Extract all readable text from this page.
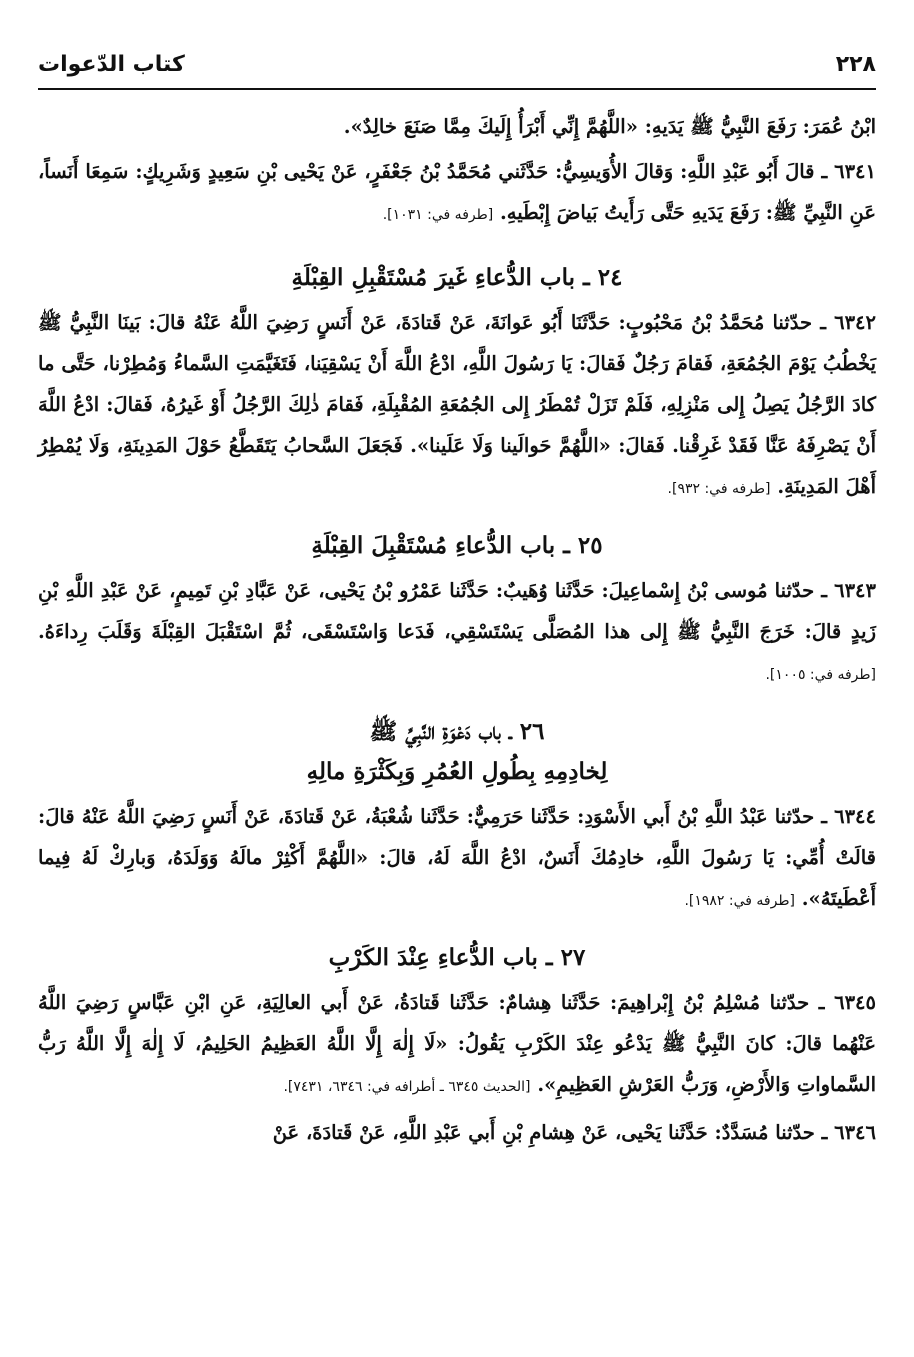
٢٢٨
كتاب الدّعوات

ابْنُ عُمَرَ: رَفَعَ النَّبِيُّ ﷺ يَدَيهِ: «اللَّهُمَّ إِنِّي أَبْرَأُ إِلَيكَ مِمَّا صَنَعَ خالِدٌ».

٦٣٤١ ـ قالَ أَبُو عَبْدِ اللَّهِ: وَقالَ الأُوَيسِيُّ: حَدَّثَني مُحَمَّدُ بْنُ جَعْفَرٍ، عَنْ يَحْيى بْنِ سَعِيدٍ وَشَرِيكٍ: سَمِعَا أَنَساً، عَنِ النَّبِيِّ ﷺ: رَفَعَ يَدَيهِ حَتَّى رَأَيتُ بَياضَ إِبْطَيهِ. [طرفه في: ١٠٣١].

٢٤ ـ باب الدُّعاءِ غَيرَ مُسْتَقْبِلِ القِبْلَةِ

٦٣٤٢ ـ حدّثنا مُحَمَّدُ بْنُ مَحْبُوبٍ: حَدَّثَنَا أَبُو عَوانَةَ، عَنْ قَتادَةَ، عَنْ أَنَسٍ رَضِيَ اللَّهُ عَنْهُ قالَ: بَينَا النَّبِيُّ ﷺ يَخْطُبُ يَوْمَ الجُمُعَةِ، فَقامَ رَجُلٌ فَقالَ: يَا رَسُولَ اللَّهِ، ادْعُ اللَّهَ أَنْ يَسْقِيَنا، فَتَغَيَّمَتِ السَّماءُ وَمُطِرْنا، حَتَّى ما كادَ الرَّجُلُ يَصِلُ إِلى مَنْزِلِهِ، فَلَمْ تَزَلْ تُمْطَرُ إِلى الجُمُعَةِ المُقْبِلَةِ، فَقامَ ذٰلِكَ الرَّجُلُ أَوْ غَيرُهُ، فَقالَ: ادْعُ اللَّهَ أَنْ يَصْرِفَهُ عَنَّا فَقَدْ غَرِقْنا. فَقالَ: «اللَّهُمَّ حَوالَينا وَلَا عَلَينا». فَجَعَلَ السَّحابُ يَتَقَطَّعُ حَوْلَ المَدِينَةِ، وَلَا يُمْطِرُ أَهْلَ المَدِينَةِ. [طرفه في: ٩٣٢].

٢٥ ـ باب الدُّعاءِ مُسْتَقْبِلَ القِبْلَةِ

٦٣٤٣ ـ حدّثنا مُوسى بْنُ إِسْماعِيلَ: حَدَّثَنا وُهَيبٌ: حَدَّثَنا عَمْرُو بْنُ يَحْيى، عَنْ عَبَّادِ بْنِ تَمِيمٍ، عَنْ عَبْدِ اللَّهِ بْنِ زَيدٍ قالَ: خَرَجَ النَّبِيُّ ﷺ إِلى هذا المُصَلَّى يَسْتَسْقِي، فَدَعا وَاسْتَسْقَى، ثُمَّ اسْتَقْبَلَ القِبْلَةَ وَقَلَبَ رِداءَهُ. [طرفه في: ١٠٠٥].

٢٦ ـ باب دَعْوَةِ النَّبِيِّ ﷺ
لِخادِمِهِ بِطُولِ العُمُرِ وَبِكَثْرَةِ مالِهِ

٦٣٤٤ ـ حدّثنا عَبْدُ اللَّهِ بْنُ أَبي الأَسْوَدِ: حَدَّثَنا حَرَمِيٌّ: حَدَّثَنا شُعْبَةُ، عَنْ قَتادَةَ، عَنْ أَنَسٍ رَضِيَ اللَّهُ عَنْهُ قالَ: قالَتْ أُمِّي: يَا رَسُولَ اللَّهِ، خادِمُكَ أَنَسٌ، ادْعُ اللَّهَ لَهُ، قالَ: «اللَّهُمَّ أَكْثِرْ مالَهُ وَوَلَدَهُ، وَبارِكْ لَهُ فِيما أَعْطَيتَهُ». [طرفه في: ١٩٨٢].

٢٧ ـ باب الدُّعاءِ عِنْدَ الكَرْبِ

٦٣٤٥ ـ حدّثنا مُسْلِمُ بْنُ إِبْراهِيمَ: حَدَّثَنا هِشامٌ: حَدَّثَنا قَتادَةُ، عَنْ أَبي العالِيَةِ، عَنِ ابْنِ عَبَّاسٍ رَضِيَ اللَّهُ عَنْهُما قالَ: كانَ النَّبِيُّ ﷺ يَدْعُو عِنْدَ الكَرْبِ يَقُولُ: «لَا إِلٰهَ إِلَّا اللَّهُ العَظِيمُ الحَلِيمُ، لَا إِلٰهَ إِلَّا اللَّهُ رَبُّ السَّماواتِ وَالأَرْضِ، وَرَبُّ العَرْشِ العَظِيمِ». [الحديث ٦٣٤٥ ـ أطرافه في: ٦٣٤٦، ٧٤٣١].

٦٣٤٦ ـ حدّثنا مُسَدَّدٌ: حَدَّثَنا يَحْيى، عَنْ هِشامِ بْنِ أَبي عَبْدِ اللَّهِ، عَنْ قَتادَةَ، عَنْ
